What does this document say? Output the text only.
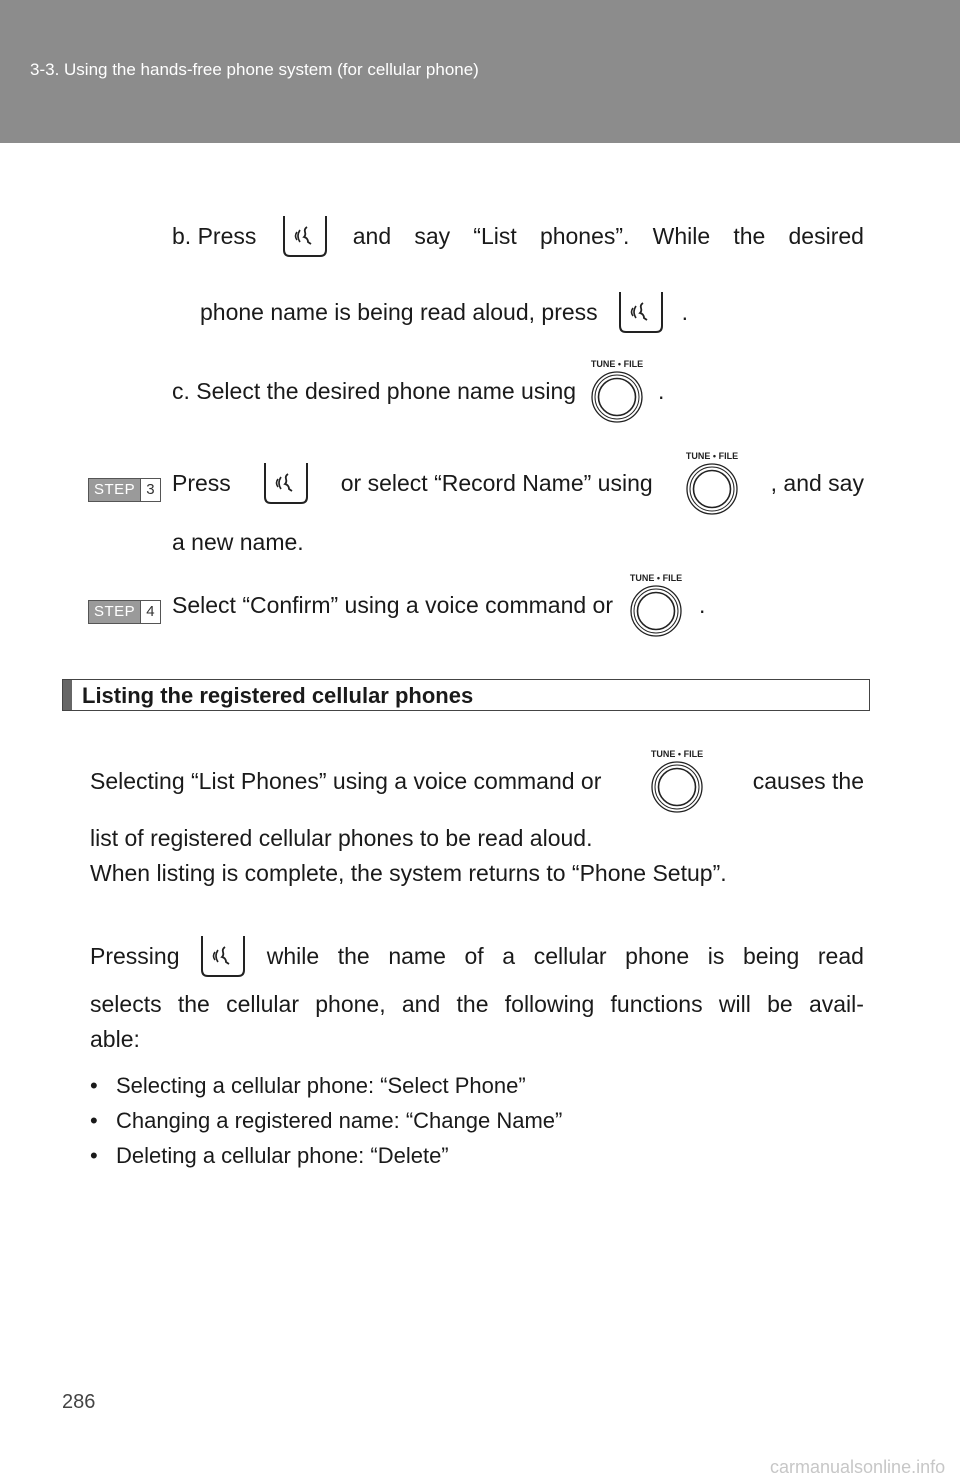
3-3. Using the hands-free phone system (for cellular phone)
b. Press	and say “List phones”. While the desired
phone name is being read aloud, press	.
c.
Select the desired phone name using	.
STEP 3 Press	or select “Record Name” using	, and say
a new name.
STEP 4 Select “Confirm” using a voice command or	.
Listing the registered cellular phones
Selecting “List Phones” using a voice command or	causes the
list of registered cellular phones to be read aloud.
When listing is complete, the system returns to “Phone Setup”.
Pressing	while the name of a cellular phone is being read
selects the cellular phone, and the following functions will be avail-
able:
• Selecting a cellular phone: “Select Phone”
• Changing a registered name: “Change Name”
• Deleting a cellular phone: “Delete”
286
carmanualsonline.info
